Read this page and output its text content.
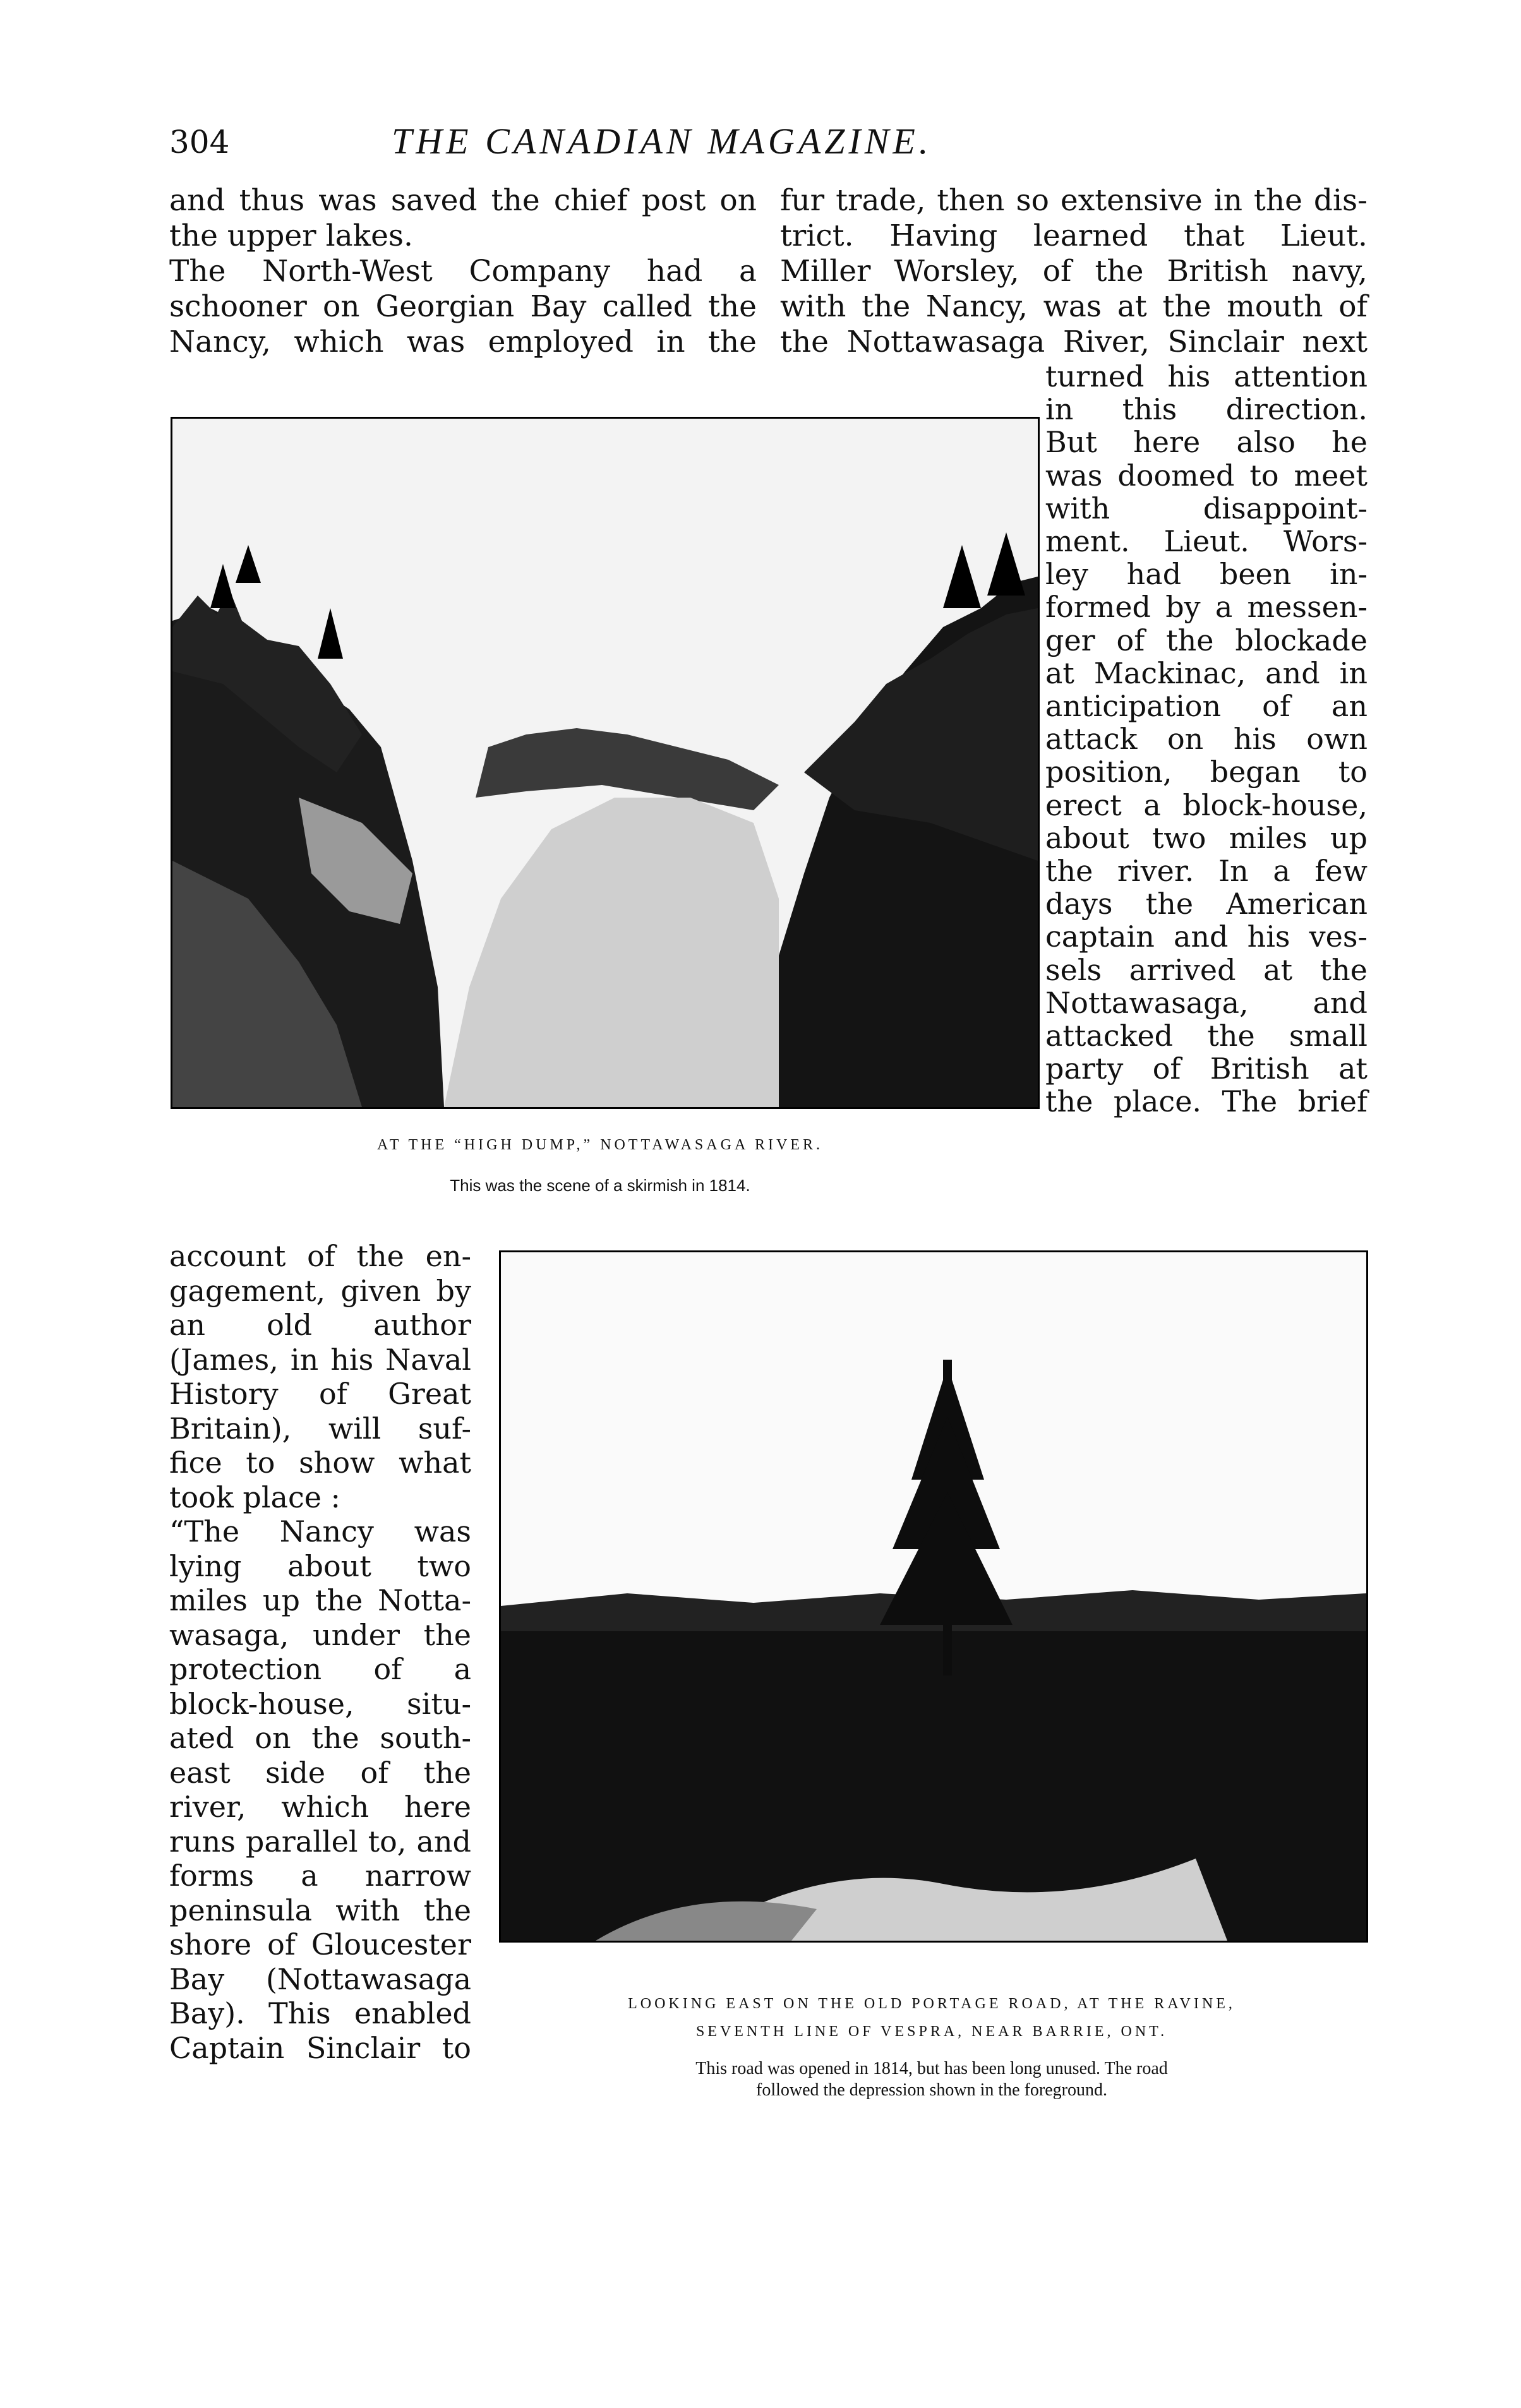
304	THE CANADIAN MAGAZINE.
and thus was saved the chief post on
the upper lakes.
The North-West Company had a
schooner on Georgian Bay called the
Nancy, which was employed in the
fur trade, then so extensive in the dis-
trict. Having learned that Lieut.
Miller Worsley, of the British navy,
with the Nancy, was at the mouth of
the Nottawasaga River, Sinclair next
turned his attention
in this direction.
But here also he
was doomed to meet
with disappoint-
ment. Lieut. Wors-
ley had been in-
formed by a messen-
ger of the blockade
at Mackinac, and in
anticipation of an
attack on his own
position, began to
erect a block-house,
about two miles up
the river. In a few
days the American
captain and his ves-
sels arrived at the
Nottawasaga, and
attacked the small
party of British at
the place. The brief
account of the en-
gagement, given by
an old author
(James, in his Naval
History of Great
Britain), will suf-
fice to show what
took place :
“The Nancy was
lying about two
miles up the Notta-
wasaga, under the
protection of a
block-house, situ-
ated on the south-
east side of the
river, which here
runs parallel to, and
forms a narrow
peninsula with the
shore of Gloucester
Bay (Nottawasaga
Bay). This enabled
Captain Sinclair to
AT THE “HIGH DUMP,” NOTTAWASAGA RIVER.
This was the scene of a skirmish in 1814.
LOOKING EAST ON THE OLD PORTAGE ROAD, AT THE RAVINE,
SEVENTH LINE OF VESPRA, NEAR BARRIE, ONT.
This road was opened in 1814, but has been long unused. The road
followed the depression shown in the foreground.
